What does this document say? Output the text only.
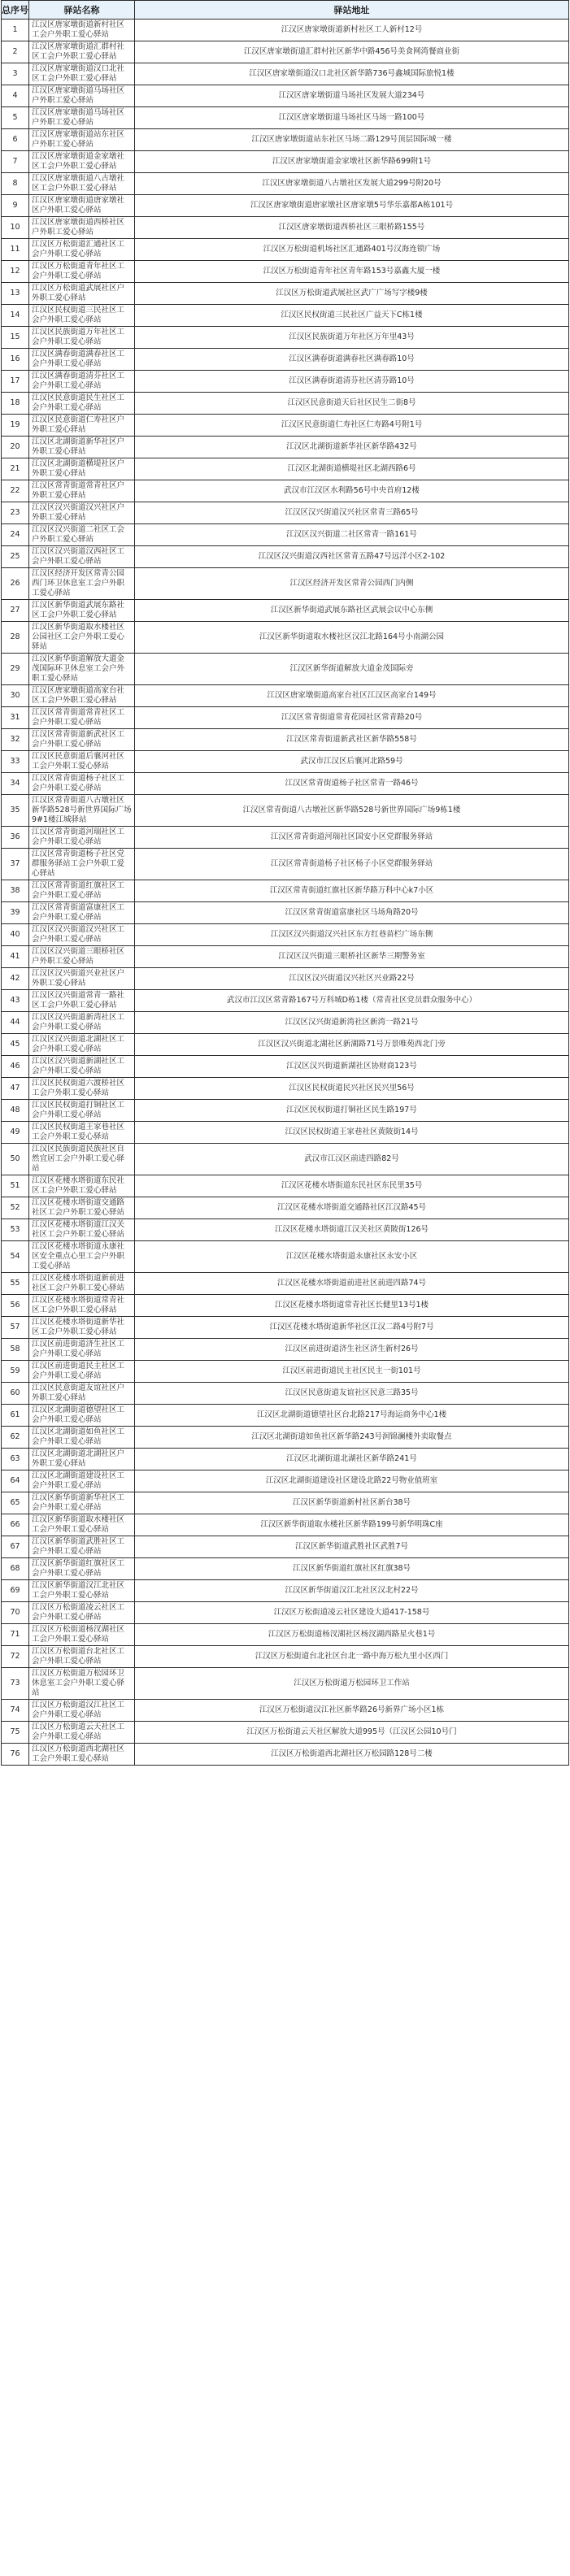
总序号	驿站名称	驿站地址
1	江汉区唐家墩街道新村社区工会户外职工爱心驿站	江汉区唐家墩街道新村社区工人新村12号
2	江汉区唐家墩街道汇群村社区工会户外职工爱心驿站	江汉区唐家墩街道汇群村社区新华中路456号美食网湾餐商业街
3	江汉区唐家墩街道汉口北社区工会户外职工爱心驿站	江汉区唐家墩街道汉口北社区新华路736号鑫城国际旅悦1楼
4	江汉区唐家墩街道马场社区户外职工爱心驿站	江汉区唐家墩街道马场社区发展大道234号
5	江汉区唐家墩街道马场社区户外职工爱心驿站	江汉区唐家墩街道马场社区马场一路100号
6	江汉区唐家墩街道站东社区户外职工爱心驿站	江汉区唐家墩街道站东社区马场二路129号顶层国际城一楼
7	江汉区唐家墩街道金家墩社区工会户外职工爱心驿站	江汉区唐家墩街道金家墩社区新华路699附1号
8	江汉区唐家墩街道八古墩社区工会户外职工爱心驿站	江汉区唐家墩街道八古墩社区发展大道299号附20号
9	江汉区唐家墩街道唐家墩社区户外职工爱心驿站	江汉区唐家墩街道唐家墩社区唐家墩5号华乐嘉都A栋101号
10	江汉区唐家墩街道西桥社区户外职工爱心驿站	江汉区唐家墩街道西桥社区三眼桥路155号
11	江汉区万松街道汇通社区工会户外职工爱心驿站	江汉区万松街道机场社区汇通路401号汉海连锁广场
12	江汉区万松街道青年社区工会户外职工爱心驿站	江汉区万松街道青年社区青年路153号嘉鑫大厦一楼
13	江汉区万松街道武展社区户外职工爱心驿站	江汉区万松街道武展社区武广广场写字楼9楼
14	江汉区民权街道三民社区工会户外职工爱心驿站	江汉区民权街道三民社区广益天下C栋1楼
15	江汉区民族街道万年社区工会户外职工爱心驿站	江汉区民族街道万年社区万年里43号
16	江汉区满春街道满春社区工会户外职工爱心驿站	江汉区满春街道满春社区满春路10号
17	江汉区满春街道清芬社区工会户外职工爱心驿站	江汉区满春街道清芬社区清芬路10号
18	江汉区民意街道民生社区工会户外职工爱心驿站	江汉区民意街道天后社区民生二街8号
19	江汉区民意街道仁寿社区户外职工爱心驿站	江汉区民意街道仁寿社区仁寿路4号附1号
20	江汉区北湖街道新华社区户外职工爱心驿站	江汉区北湖街道新华社区新华路432号
21	江汉区北湖街道横堤社区户外职工爱心驿站	江汉区北湖街道横堤社区北湖西路6号
22	江汉区常青街道常青社区户外职工爱心驿站	武汉市江汉区水利路56号中央首府12楼
23	江汉区汉兴街道汉兴社区户外职工爱心驿站	江汉区汉兴街道汉兴社区常青三路65号
24	江汉区汉兴街道二社区工会户外职工爱心驿站	江汉区汉兴街道二社区常青一路161号
25	江汉区汉兴街道汉西社区工会户外职工爱心驿站	江汉区汉兴街道汉西社区常青五路47号远洋小区2-102
26	江汉区经济开发区常青公园西门环卫休息室工会户外职工爱心驿站	江汉区经济开发区常青公园西门内侧
27	江汉区新华街道武展东路社区工会户外职工爱心驿站	江汉区新华街道武展东路社区武展会议中心东侧
28	江汉区新华街道取水楼社区公园社区工会户外职工爱心驿站	江汉区新华街道取水楼社区汉江北路164号小南湖公园
29	江汉区新华街道解放大道金茂国际环卫休息室工会户外职工爱心驿站	江汉区新华街道解放大道金茂国际旁
30	江汉区唐家墩街道高家台社区工会户外职工爱心驿站	江汉区唐家墩街道高家台社区江汉区高家台149号
31	江汉区常青街道常青社区工会户外职工爱心驿站	江汉区常青街道常青花园社区常青路20号
32	江汉区常青街道新武社区工会户外职工爱心驿站	江汉区常青街道新武社区新华路558号
33	江汉区民意街道后襄河社区工会户外职工爱心驿站	武汉市江汉区后襄河北路59号
34	江汉区常青街道杨子社区工会户外职工爱心驿站	江汉区常青街道杨子社区常青一路46号
35	江汉区常青街道八古墩社区新华路528号新世界国际广场9#1楼江城驿站	江汉区常青街道八古墩社区新华路528号新世界国际广场9栋1楼
36	江汉区常青街道河瑞社区工会户外职工爱心驿站	江汉区常青街道河瑞社区国安小区党群服务驿站
37	江汉区常青街道杨子社区党群服务驿站工会户外职工爱心驿站	江汉区常青街道杨子社区杨子小区党群服务驿站
38	江汉区常青街道红旗社区工会户外职工爱心驿站	江汉区常青街道红旗社区新华路万科中心k7小区
39	江汉区常青街道富康社区工会户外职工爱心驿站	江汉区常青街道富康社区马场角路20号
40	江汉区汉兴街道汉兴社区工会户外职工爱心驿站	江汉区汉兴街道汉兴社区东方红巷苗栏广场东侧
41	江汉区汉兴街道三眼桥社区户外职工爱心驿站	江汉区汉兴街道三眼桥社区新华三期警务室
42	江汉区汉兴街道兴业社区户外职工爱心驿站	江汉区汉兴街道汉兴社区兴业路22号
43	江汉区汉兴街道常青一路社区工会户外职工爱心驿站	武汉市江汉区常青路167号万科城D栋1楼（常青社区党员群众服务中心）
44	江汉区汉兴街道新湾社区工会户外职工爱心驿站	江汉区汉兴街道新湾社区新湾一路21号
45	江汉区汉兴街道北湖社区工会户外职工爱心驿站	江汉区汉兴街道北湖社区新湖路71号万景唯苑西北门旁
46	江汉区汉兴街道新湖社区工会户外职工爱心驿站	江汉区汉兴街道新湖社区协财商123号
47	江汉区民权街道六渡桥社区工会户外职工爱心驿站	江汉区民权街道民兴社区民兴里56号
48	江汉区民权街道打铜社区工会户外职工爱心驿站	江汉区民权街道打铜社区民生路197号
49	江汉区民权街道王家巷社区工会户外职工爱心驿站	江汉区民权街道王家巷社区黄陂街14号
50	江汉区民族街道民族社区自然宜居工会户外职工爱心驿站	武汉市江汉区前进四路82号
51	江汉区花楼水塔街道东民社区工会户外职工爱心驿站	江汉区花楼水塔街道东民社区东民里35号
52	江汉区花楼水塔街道交通路社区工会户外职工爱心驿站	江汉区花楼水塔街道交通路社区江汉路45号
53	江汉区花楼水塔街道江汉关社区工会户外职工爱心驿站	江汉区花楼水塔街道江汉关社区黄陂街126号
54	江汉区花楼水塔街道永康社区安全重点心里工会户外职工爱心驿站	江汉区花楼水塔街道永康社区永安小区
55	江汉区花楼水塔街道新前进社区工会户外职工爱心驿站	江汉区花楼水塔街道前进社区前进四路74号
56	江汉区花楼水塔街道常青社区工会户外职工爱心驿站	江汉区花楼水塔街道常青社区长健里13号1楼
57	江汉区花楼水塔街道新华社区工会户外职工爱心驿站	江汉区花楼水塔街道新华社区江汉二路4号附7号
58	江汉区前进街道济生社区工会户外职工爱心驿站	江汉区前进街道济生社区济生新村26号
59	江汉区前进街道民主社区工会户外职工爱心驿站	江汉区前进街道民主社区民主一街101号
60	江汉区民意街道友谊社区户外职工爱心驿站	江汉区民意街道友谊社区民意三路35号
61	江汉区北湖街道德望社区工会户外职工爱心驿站	江汉区北湖街道德望社区台北路217号海运商务中心1楼
62	江汉区北湖街道如鱼社区工会户外职工爱心驿站	江汉区北湖街道如鱼社区新华路243号润锦澜楼外卖取餐点
63	江汉区北湖街道北湖社区户外职工爱心驿站	江汉区北湖街道北湖社区新华路241号
64	江汉区北湖街道建设社区工会户外职工爱心驿站	江汉区北湖街道建设社区建设北路22号物业值班室
65	江汉区新华街道新华社区工会户外职工爱心驿站	江汉区新华街道新村社区新台38号
66	江汉区新华街道取水楼社区工会户外职工爱心驿站	江汉区新华街道取水楼社区新华路199号新华明珠C座
67	江汉区新华街道武胜社区工会户外职工爱心驿站	江汉区新华街道武胜社区武胜7号
68	江汉区新华街道红旗社区工会户外职工爱心驿站	江汉区新华街道红旗社区红旗38号
69	江汉区新华街道汉江北社区工会户外职工爱心驿站	江汉区新华街道汉江北社区汉北村22号
70	江汉区万松街道凌云社区工会户外职工爱心驿站	江汉区万松街道凌云社区建设大道417-158号
71	江汉区万松街道杨汊湖社区工会户外职工爱心驿站	江汉区万松街道杨汊湖社区杨汊湖西路星火巷1号
72	江汉区万松街道台北社区工会户外职工爱心驿站	江汉区万松街道台北社区台北一路中海万松九里小区西门
73	江汉区万松街道万松园环卫休息室工会户外职工爱心驿站	江汉区万松街道万松园环卫工作站
74	江汉区万松街道汉江社区工会户外职工爱心驿站	江汉区万松街道汉江社区新华路26号新界广场小区1栋
75	江汉区万松街道云天社区工会户外职工爱心驿站	江汉区万松街道云天社区解放大道995号（江汉区公园10号门
76	江汉区万松街道西北湖社区工会户外职工爱心驿站	江汉区万松街道西北湖社区万松园路128号二楼
